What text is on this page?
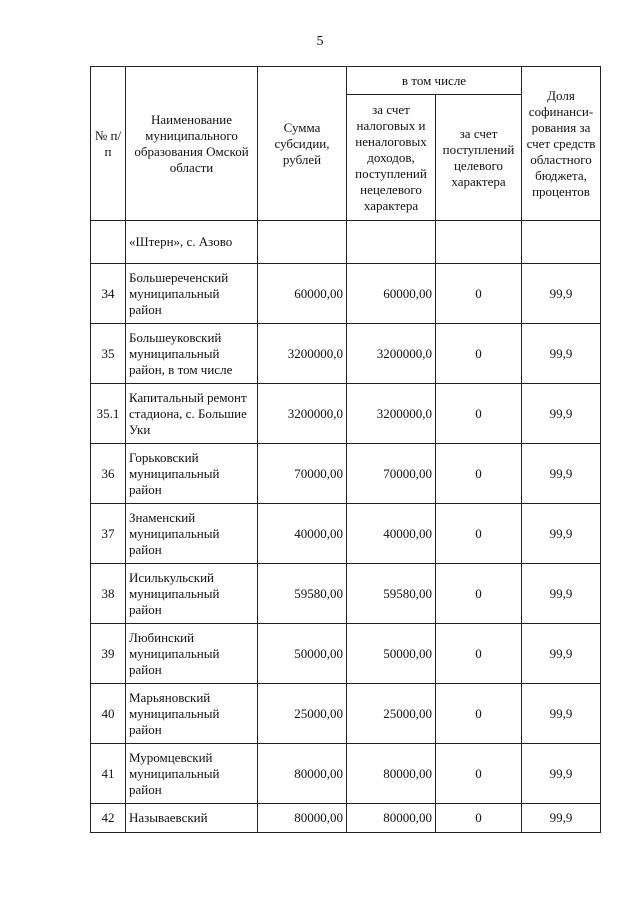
5
№ п/п	Наименование муниципального образования Омской области	Сумма субсидии, рублей	в том числе		Доля софинанси-рования за счет средств областного бюджета, процентов
			за счет налоговых и неналоговых доходов, поступлений нецелевого характера	за счет поступлений целевого характера	
	«Штерн», с. Азово				
34	Большереченский муниципальный район	60000,00	60000,00	0	99,9
35	Большеуковский муниципальный район, в том числе	3200000,0	3200000,0	0	99,9
35.1	Капитальный ремонт стадиона, с. Большие Уки	3200000,0	3200000,0	0	99,9
36	Горьковский муниципальный район	70000,00	70000,00	0	99,9
37	Знаменский муниципальный район	40000,00	40000,00	0	99,9
38	Исилькульский муниципальный район	59580,00	59580,00	0	99,9
39	Любинский муниципальный район	50000,00	50000,00	0	99,9
40	Марьяновский муниципальный район	25000,00	25000,00	0	99,9
41	Муромцевский муниципальный район	80000,00	80000,00	0	99,9
42	Называевский	80000,00	80000,00	0	99,9
